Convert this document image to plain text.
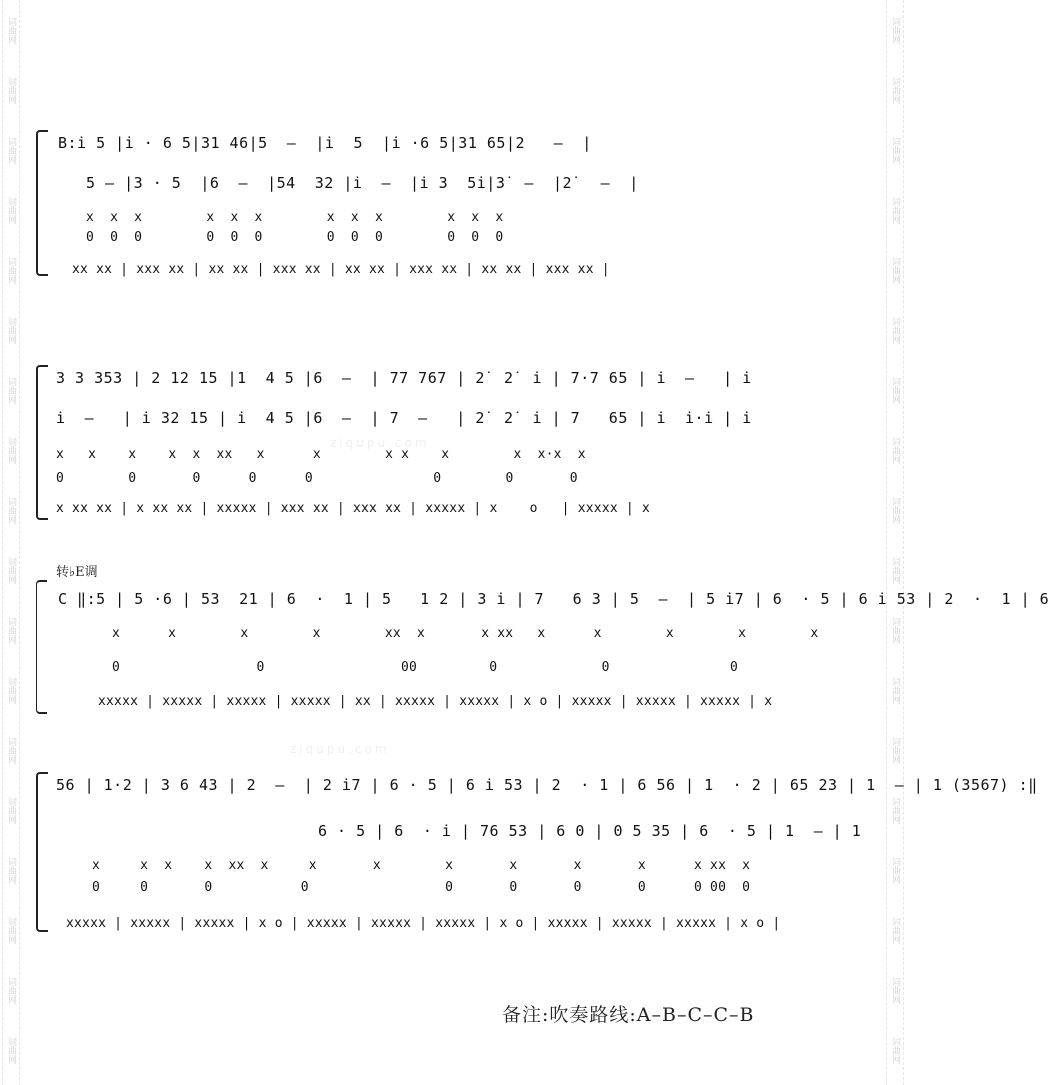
词曲网
词曲网
词曲网
词曲网
词曲网
词曲网
词曲网
词曲网
词曲网
词曲网
词曲网
词曲网
词曲网
词曲网
词曲网
词曲网
词曲网
词曲网
词曲网
词曲网
词曲网
词曲网
词曲网
词曲网
词曲网
词曲网
词曲网
词曲网
词曲网
词曲网
词曲网
词曲网
词曲网
词曲网
词曲网
词曲网
ziqupu.com
ziqupu.com
B:i̇ 5 |i̇ · 6 5|31 46|5  –  |i̇  5  |i̇ ·6 5|31 65|2   –  |
5 – |3 · 5  |6  –  |54  32 |i̇  –  |i̇ 3  5i̇|3̇  –  |2̇   –  |
x  x  x        x  x  x        x  x  x        x  x  x
0  0  0        0  0  0        0  0  0        0  0  0
xx xx | xxx xx | xx xx | xxx xx | xx xx | xxx xx | xx xx | xxx xx |
3 3 353 | 2 12 15 |1  4 5 |6  –  | 77 767 | 2̇  2̇  i̇ | 7·7 65 | i̇  –   | i̇
i̇  –   | i̇ 32 15 | i̇  4 5 |6  –  | 7  –   | 2̇  2̇  i̇ | 7   65 | i̇  i̇·i̇ | i̇
x   x    x    x  x  xx   x      x        x x    x        x  x·x  x
0        0       0      0      0               0        0       0
x xx xx | x xx xx | xxxxx | xxx xx | xxx xx | xxxxx | x    o   | xxxxx | x
转♭E调
C ‖:5 | 5 ·6 | 53  21 | 6  ·  1 | 5   1 2 | 3 i̇ | 7   6 3 | 5  –  | 5 i̇7 | 6  · 5 | 6 i̇ 53 | 2  ·  1 | 6
x      x        x        x        xx  x       x xx   x      x        x        x        x
0                 0                 00         0             0               0
xxxxx | xxxxx | xxxxx | xxxxx | xx | xxxxx | xxxxx | x o | xxxxx | xxxxx | xxxxx | x
56 | 1·2 | 3 6 43 | 2  –  | 2 i̇7 | 6 · 5 | 6 i̇ 53 | 2  · 1 | 6 56 | 1  · 2 | 65 23 | 1  – | 1 (3567) :‖
6 · 5 | 6  · i̇ | 76 53 | 6 0 | 0 5 35 | 6  · 5 | 1  – | 1
x     x  x    x  xx  x     x       x        x       x       x       x      x xx  x
0     0       0           0                 0       0       0       0      0 00  0
xxxxx | xxxxx | xxxxx | x o | xxxxx | xxxxx | xxxxx | x o | xxxxx | xxxxx | xxxxx | x o |
备注:吹奏路线:A–B–C–C–B
